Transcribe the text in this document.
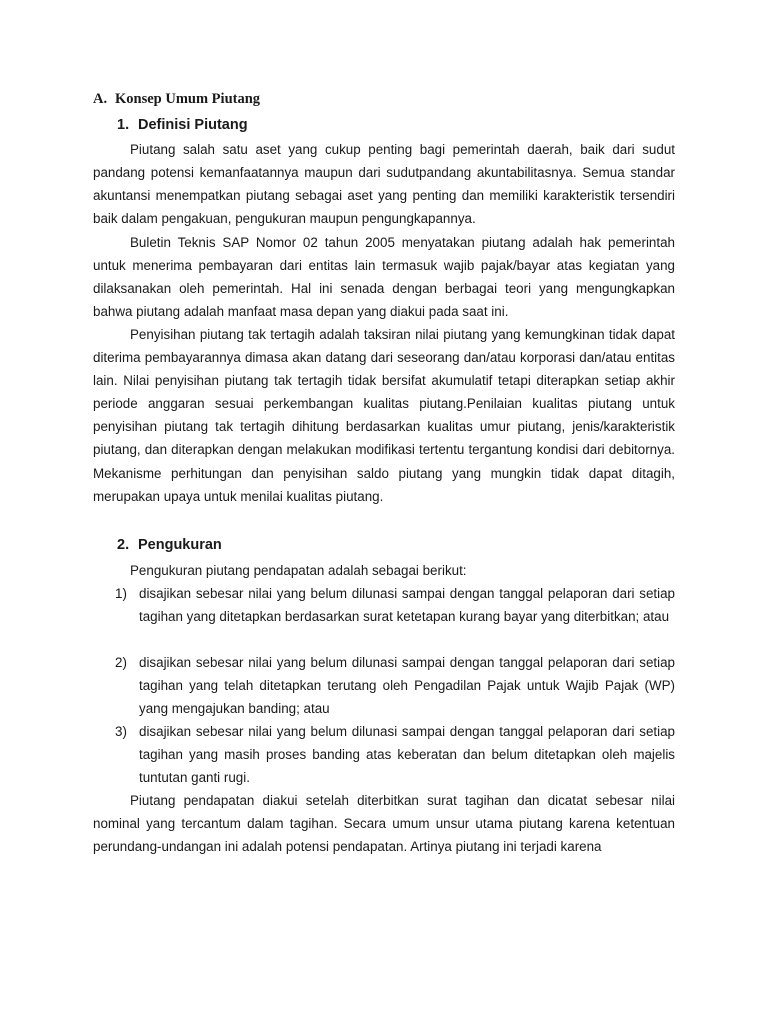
A. Konsep Umum Piutang
1. Definisi Piutang

Piutang salah satu aset yang cukup penting bagi pemerintah daerah, baik dari sudut pandang potensi kemanfaatannya maupun dari sudutpandang akuntabilitasnya. Semua standar akuntansi menempatkan piutang sebagai aset yang penting dan memiliki karakteristik tersendiri baik dalam pengakuan, pengukuran maupun pengungkapannya.

Buletin Teknis SAP Nomor 02 tahun 2005 menyatakan piutang adalah hak pemerintah untuk menerima pembayaran dari entitas lain termasuk wajib pajak/bayar atas kegiatan yang dilaksanakan oleh pemerintah. Hal ini senada dengan berbagai teori yang mengungkapkan bahwa piutang adalah manfaat masa depan yang diakui pada saat ini.

Penyisihan piutang tak tertagih adalah taksiran nilai piutang yang kemungkinan tidak dapat diterima pembayarannya dimasa akan datang dari seseorang dan/atau korporasi dan/atau entitas lain. Nilai penyisihan piutang tak tertagih tidak bersifat akumulatif tetapi diterapkan setiap akhir periode anggaran sesuai perkembangan kualitas piutang.Penilaian kualitas piutang untuk penyisihan piutang tak tertagih dihitung berdasarkan kualitas umur piutang, jenis/karakteristik piutang, dan diterapkan dengan melakukan modifikasi tertentu tergantung kondisi dari debitornya. Mekanisme perhitungan dan penyisihan saldo piutang yang mungkin tidak dapat ditagih, merupakan upaya untuk menilai kualitas piutang.

2. Pengukuran

Pengukuran piutang pendapatan adalah sebagai berikut:

1) disajikan sebesar nilai yang belum dilunasi sampai dengan tanggal pelaporan dari setiap tagihan yang ditetapkan berdasarkan surat ketetapan kurang bayar yang diterbitkan; atau
2) disajikan sebesar nilai yang belum dilunasi sampai dengan tanggal pelaporan dari setiap tagihan yang telah ditetapkan terutang oleh Pengadilan Pajak untuk Wajib Pajak (WP) yang mengajukan banding; atau
3) disajikan sebesar nilai yang belum dilunasi sampai dengan tanggal pelaporan dari setiap tagihan yang masih proses banding atas keberatan dan belum ditetapkan oleh majelis tuntutan ganti rugi.

Piutang pendapatan diakui setelah diterbitkan surat tagihan dan dicatat sebesar nilai nominal yang tercantum dalam tagihan. Secara umum unsur utama piutang karena ketentuan perundang-undangan ini adalah potensi pendapatan. Artinya piutang ini terjadi karena
